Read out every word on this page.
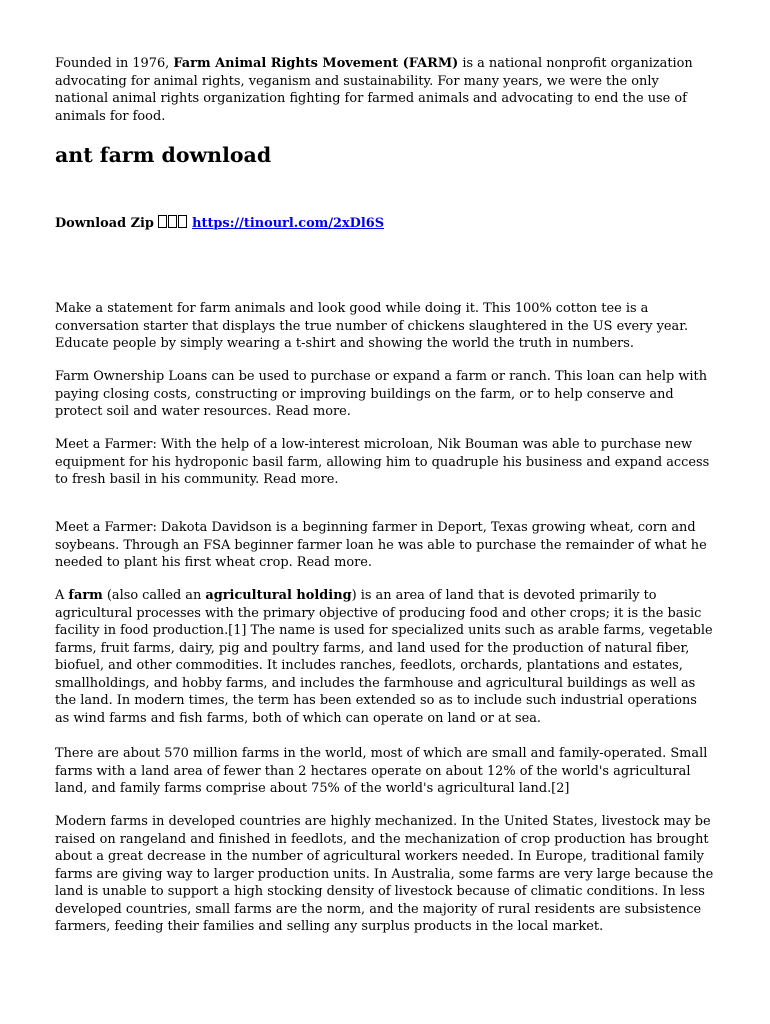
Founded in 1976, Farm Animal Rights Movement (FARM) is a national nonprofit organization advocating for animal rights, veganism and sustainability. For many years, we were the only national animal rights organization fighting for farmed animals and advocating to end the use of animals for food.

ant farm download
Download Zip	https://tinourl.com/2xDl6S

Make a statement for farm animals and look good while doing it. This 100% cotton tee is a conversation starter that displays the true number of chickens slaughtered in the US every year. Educate people by simply wearing a t-shirt and showing the world the truth in numbers.

Farm Ownership Loans can be used to purchase or expand a farm or ranch. This loan can help with paying closing costs, constructing or improving buildings on the farm, or to help conserve and protect soil and water resources. Read more.

Meet a Farmer: With the help of a low-interest microloan, Nik Bouman was able to purchase new equipment for his hydroponic basil farm, allowing him to quadruple his business and expand access to fresh basil in his community. Read more.

Meet a Farmer: Dakota Davidson is a beginning farmer in Deport, Texas growing wheat, corn and soybeans. Through an FSA beginner farmer loan he was able to purchase the remainder of what he needed to plant his first wheat crop. Read more.

A farm (also called an agricultural holding) is an area of land that is devoted primarily to agricultural processes with the primary objective of producing food and other crops; it is the basic facility in food production.[1] The name is used for specialized units such as arable farms, vegetable farms, fruit farms, dairy, pig and poultry farms, and land used for the production of natural fiber, biofuel, and other commodities. It includes ranches, feedlots, orchards, plantations and estates, smallholdings, and hobby farms, and includes the farmhouse and agricultural buildings as well as the land. In modern times, the term has been extended so as to include such industrial operations as wind farms and fish farms, both of which can operate on land or at sea.

There are about 570 million farms in the world, most of which are small and family-operated. Small farms with a land area of fewer than 2 hectares operate on about 12% of the world's agricultural land, and family farms comprise about 75% of the world's agricultural land.[2]

Modern farms in developed countries are highly mechanized. In the United States, livestock may be raised on rangeland and finished in feedlots, and the mechanization of crop production has brought about a great decrease in the number of agricultural workers needed. In Europe, traditional family farms are giving way to larger production units. In Australia, some farms are very large because the land is unable to support a high stocking density of livestock because of climatic conditions. In less developed countries, small farms are the norm, and the majority of rural residents are subsistence farmers, feeding their families and selling any surplus products in the local market.
